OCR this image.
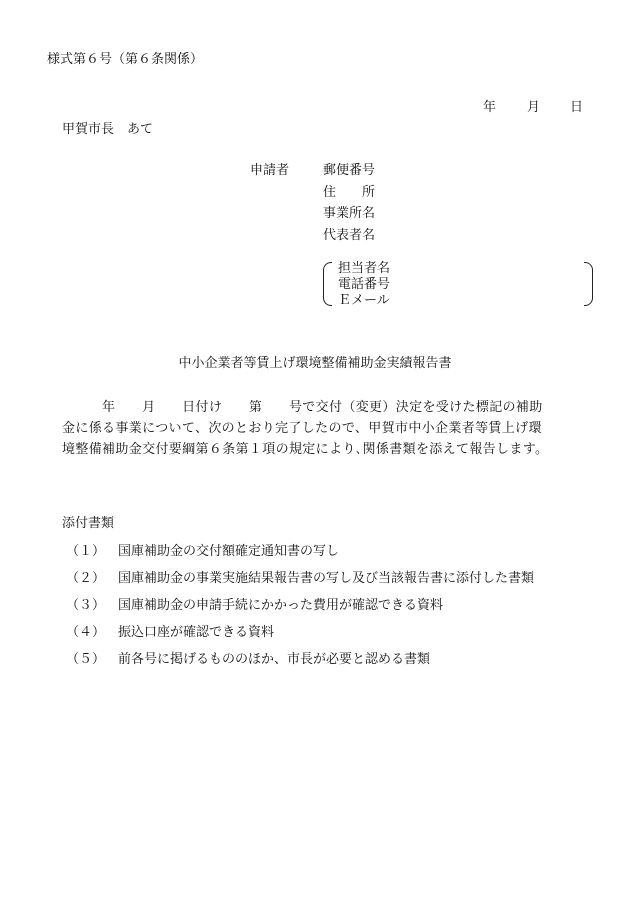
様式第６号（第６条関係）
年 月 日
甲賀市長　あて
申請者	郵便番号
住　　所
事業所名
代表者名
担当者名
電話番号
Ｅメール
中小企業者等賃上げ環境整備補助金実績報告書
　　　年　　月　　日付け　　第　　号で交付（変更）決定を受けた標記の補助
金に係る事業について、次のとおり完了したので、甲賀市中小企業者等賃上げ環
境整備補助金交付要綱第６条第１項の規定により､関係書類を添えて報告します。
添付書類
（１） 国庫補助金の交付額確定通知書の写し
（２） 国庫補助金の事業実施結果報告書の写し及び当該報告書に添付した書類
（３） 国庫補助金の申請手続にかかった費用が確認できる資料
（４） 振込口座が確認できる資料
（５） 前各号に掲げるもののほか、市長が必要と認める書類
